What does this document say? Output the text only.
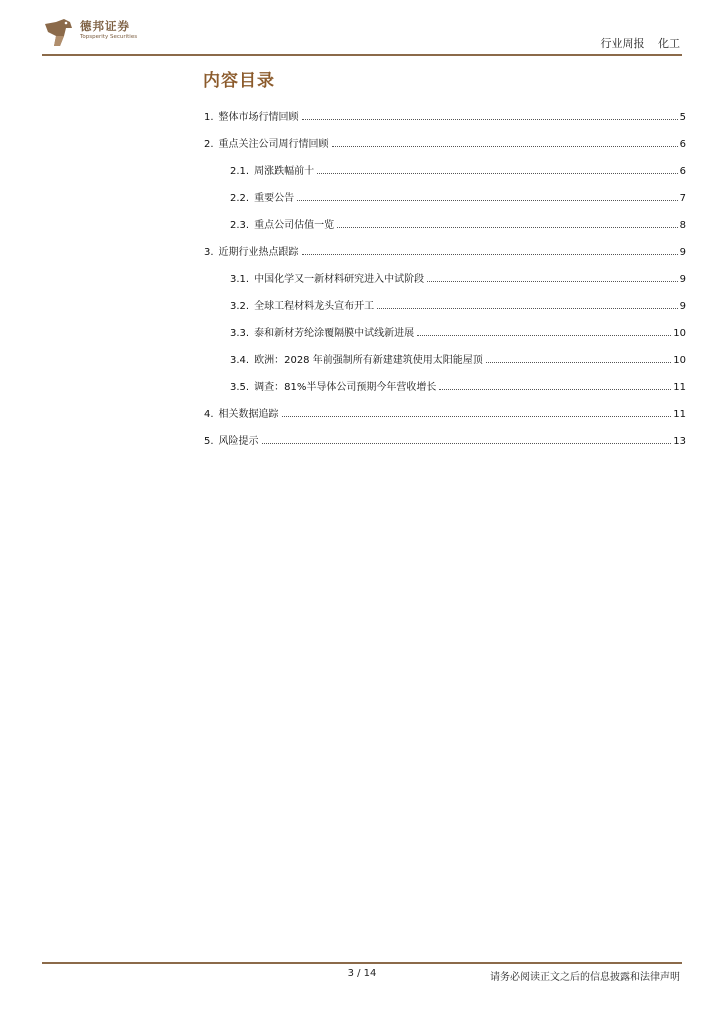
德邦证券
Topsperity Securities	行业周报 化工
内容目录
1. 整体市场行情回顾	5
2. 重点关注公司周行情回顾	6
2.1. 周涨跌幅前十	6
2.2. 重要公告	7
2.3. 重点公司估值一览	8
3. 近期行业热点跟踪	9
3.1. 中国化学又一新材料研究进入中试阶段	9
3.2. 全球工程材料龙头宣布开工	9
3.3. 泰和新材芳纶涂覆隔膜中试线新进展	10
3.4. 欧洲：2028 年前强制所有新建建筑使用太阳能屋顶	10
3.5. 调查：81%半导体公司预期今年营收增长	11
4. 相关数据追踪	11
5. 风险提示	13
3 / 14	请务必阅读正文之后的信息披露和法律声明
